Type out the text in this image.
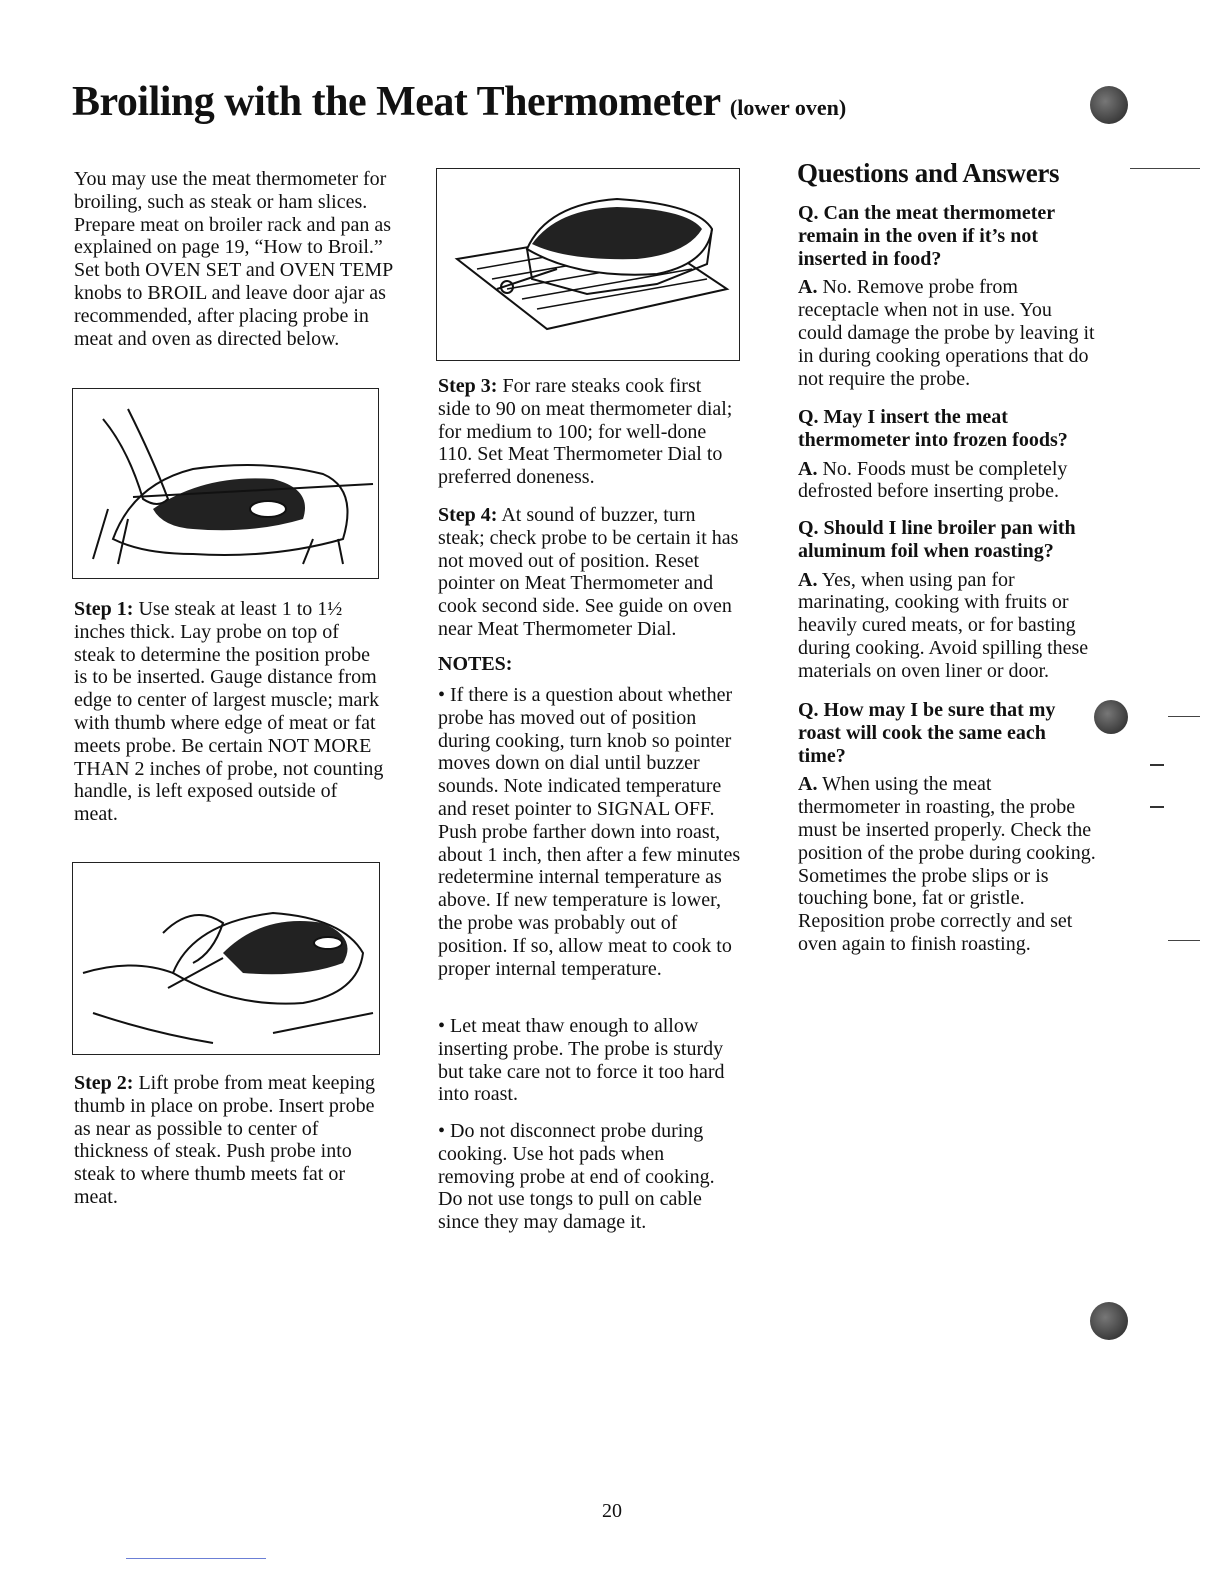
Broiling with the Meat Thermometer (lower oven)
You may use the meat thermometer for broiling, such as steak or ham slices. Prepare meat on broiler rack and pan as explained on page 19, “How to Broil.” Set both OVEN SET and OVEN TEMP knobs to BROIL and leave door ajar as recommended, after placing probe in meat and oven as directed below.
Step 1: Use steak at least 1 to 1½ inches thick. Lay probe on top of steak to determine the position probe is to be inserted. Gauge distance from edge to center of largest muscle; mark with thumb where edge of meat or fat meets probe. Be certain NOT MORE THAN 2 inches of probe, not counting handle, is left exposed outside of meat.
Step 2: Lift probe from meat keeping thumb in place on probe. Insert probe as near as possible to center of thickness of steak. Push probe into steak to where thumb meets fat or meat.
Step 3: For rare steaks cook first side to 90 on meat thermometer dial; for medium to 100; for well-done 110. Set Meat Thermometer Dial to preferred doneness.
Step 4: At sound of buzzer, turn steak; check probe to be certain it has not moved out of position. Reset pointer on Meat Thermometer and cook second side. See guide on oven near Meat Thermometer Dial.
NOTES:
• If there is a question about whether probe has moved out of position during cooking, turn knob so pointer moves down on dial until buzzer sounds. Note indicated temperature and reset pointer to SIGNAL OFF. Push probe farther down into roast, about 1 inch, then after a few minutes redetermine internal temperature as above. If new temperature is lower, the probe was probably out of position. If so, allow meat to cook to proper internal temperature.
• Let meat thaw enough to allow inserting probe. The probe is sturdy but take care not to force it too hard into roast.
• Do not disconnect probe during cooking. Use hot pads when removing probe at end of cooking. Do not use tongs to pull on cable since they may damage it.
Questions and Answers
Q. Can the meat thermometer remain in the oven if it’s not inserted in food?
A. No. Remove probe from receptacle when not in use. You could damage the probe by leaving it in during cooking operations that do not require the probe.
Q. May I insert the meat thermometer into frozen foods?
A. No. Foods must be completely defrosted before inserting probe.
Q. Should I line broiler pan with aluminum foil when roasting?
A. Yes, when using pan for marinating, cooking with fruits or heavily cured meats, or for basting during cooking. Avoid spilling these materials on oven liner or door.
Q. How may I be sure that my roast will cook the same each time?
A. When using the meat thermometer in roasting, the probe must be inserted properly. Check the position of the probe during cooking. Sometimes the probe slips or is touching bone, fat or gristle. Reposition probe correctly and set oven again to finish roasting.
20
